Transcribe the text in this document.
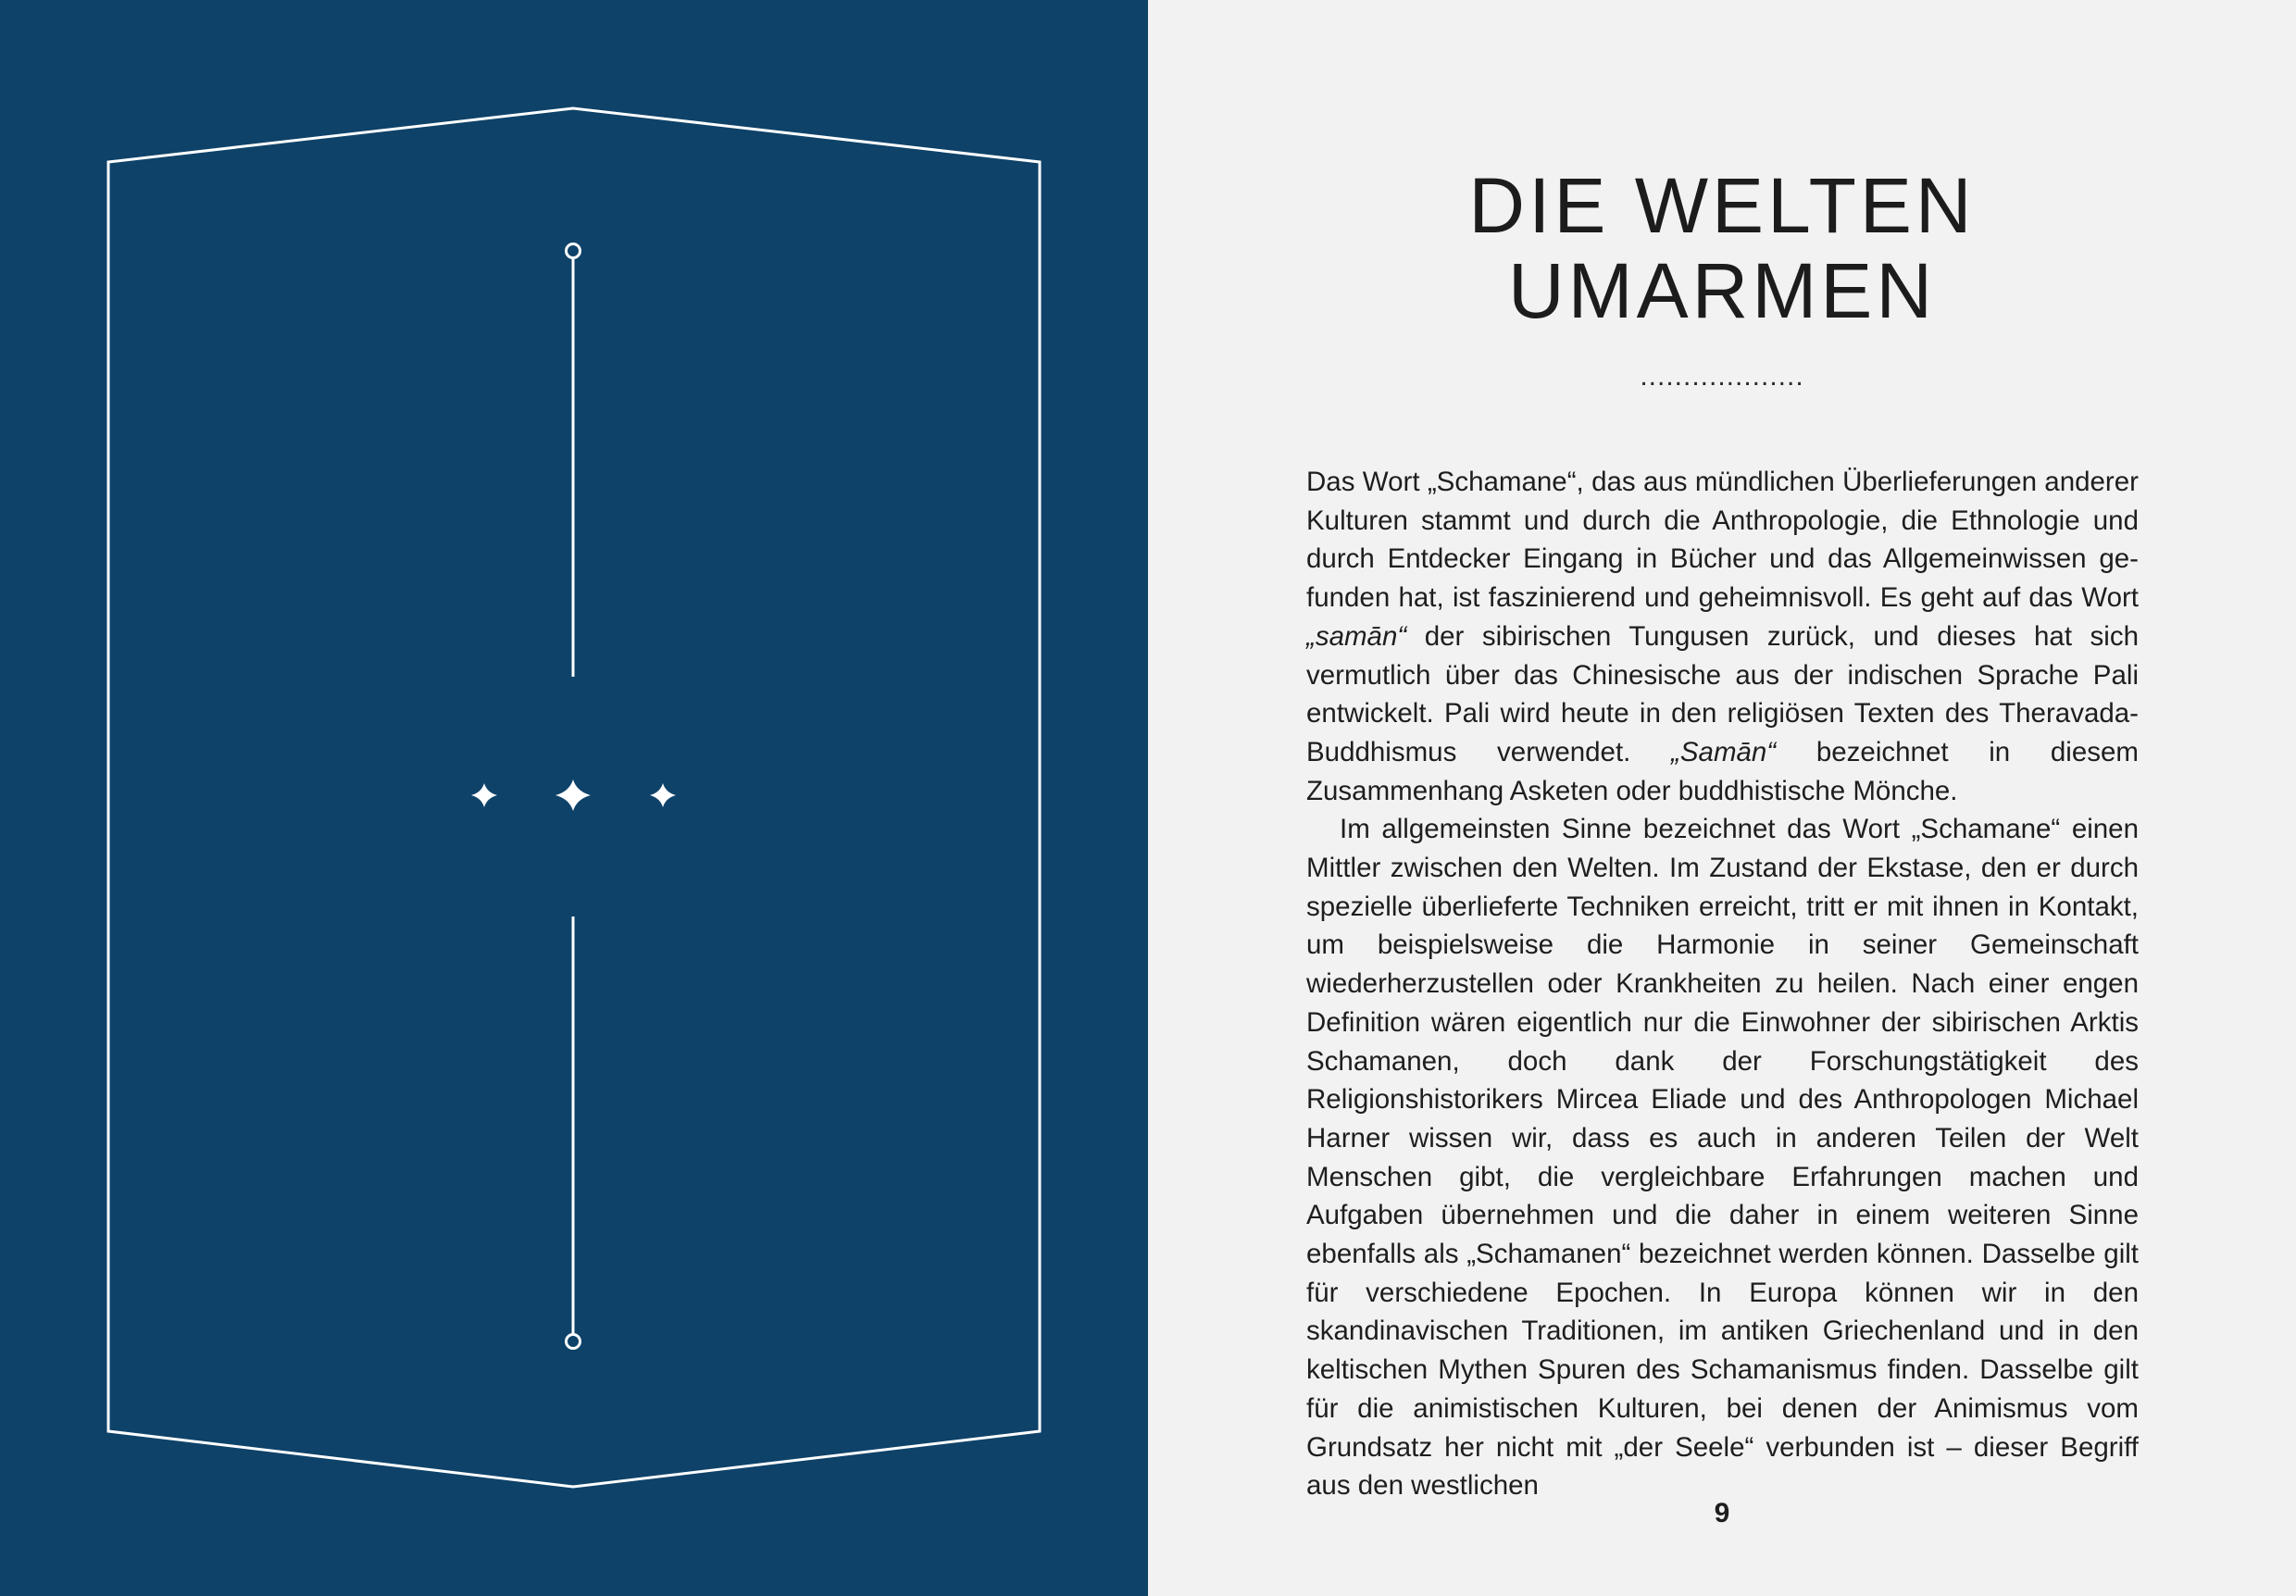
DIE WELTEN
UMARMEN
...................

Das Wort „Schamane“, das aus mündlichen Überlieferungen anderer Kulturen stammt und durch die Anthropologie, die Ethnologie und durch Entdecker Eingang in Bücher und das Allgemeinwissen gefunden hat, ist faszinierend und geheimnisvoll. Es geht auf das Wort „samān“ der sibirischen Tungusen zurück, und dieses hat sich vermutlich über das Chinesische aus der indischen Sprache Pali entwickelt. Pali wird heute in den religiösen Texten des Theravada-Buddhismus verwendet. „Samān“ bezeichnet in diesem Zusammenhang Asketen oder buddhistische Mönche.

Im allgemeinsten Sinne bezeichnet das Wort „Schamane“ einen Mittler zwischen den Welten. Im Zustand der Ekstase, den er durch spezielle überlieferte Techniken erreicht, tritt er mit ihnen in Kontakt, um beispielsweise die Harmonie in seiner Gemeinschaft wiederherzustellen oder Krankheiten zu heilen. Nach einer engen Definition wären eigentlich nur die Einwohner der sibirischen Arktis Schamanen, doch dank der Forschungstätigkeit des Religionshistorikers Mircea Eliade und des Anthropologen Michael Harner wissen wir, dass es auch in anderen Teilen der Welt Menschen gibt, die vergleichbare Erfahrungen machen und Aufgaben übernehmen und die daher in einem weiteren Sinne ebenfalls als „Schamanen“ bezeichnet werden können. Dasselbe gilt für verschiedene Epochen. In Europa können wir in den skandinavischen Traditionen, im antiken Griechenland und in den keltischen Mythen Spuren des Schamanismus finden. Dasselbe gilt für die animistischen Kulturen, bei denen der Animismus vom Grundsatz her nicht mit „der Seele“ verbunden ist – dieser Begriff aus den westlichen

9
